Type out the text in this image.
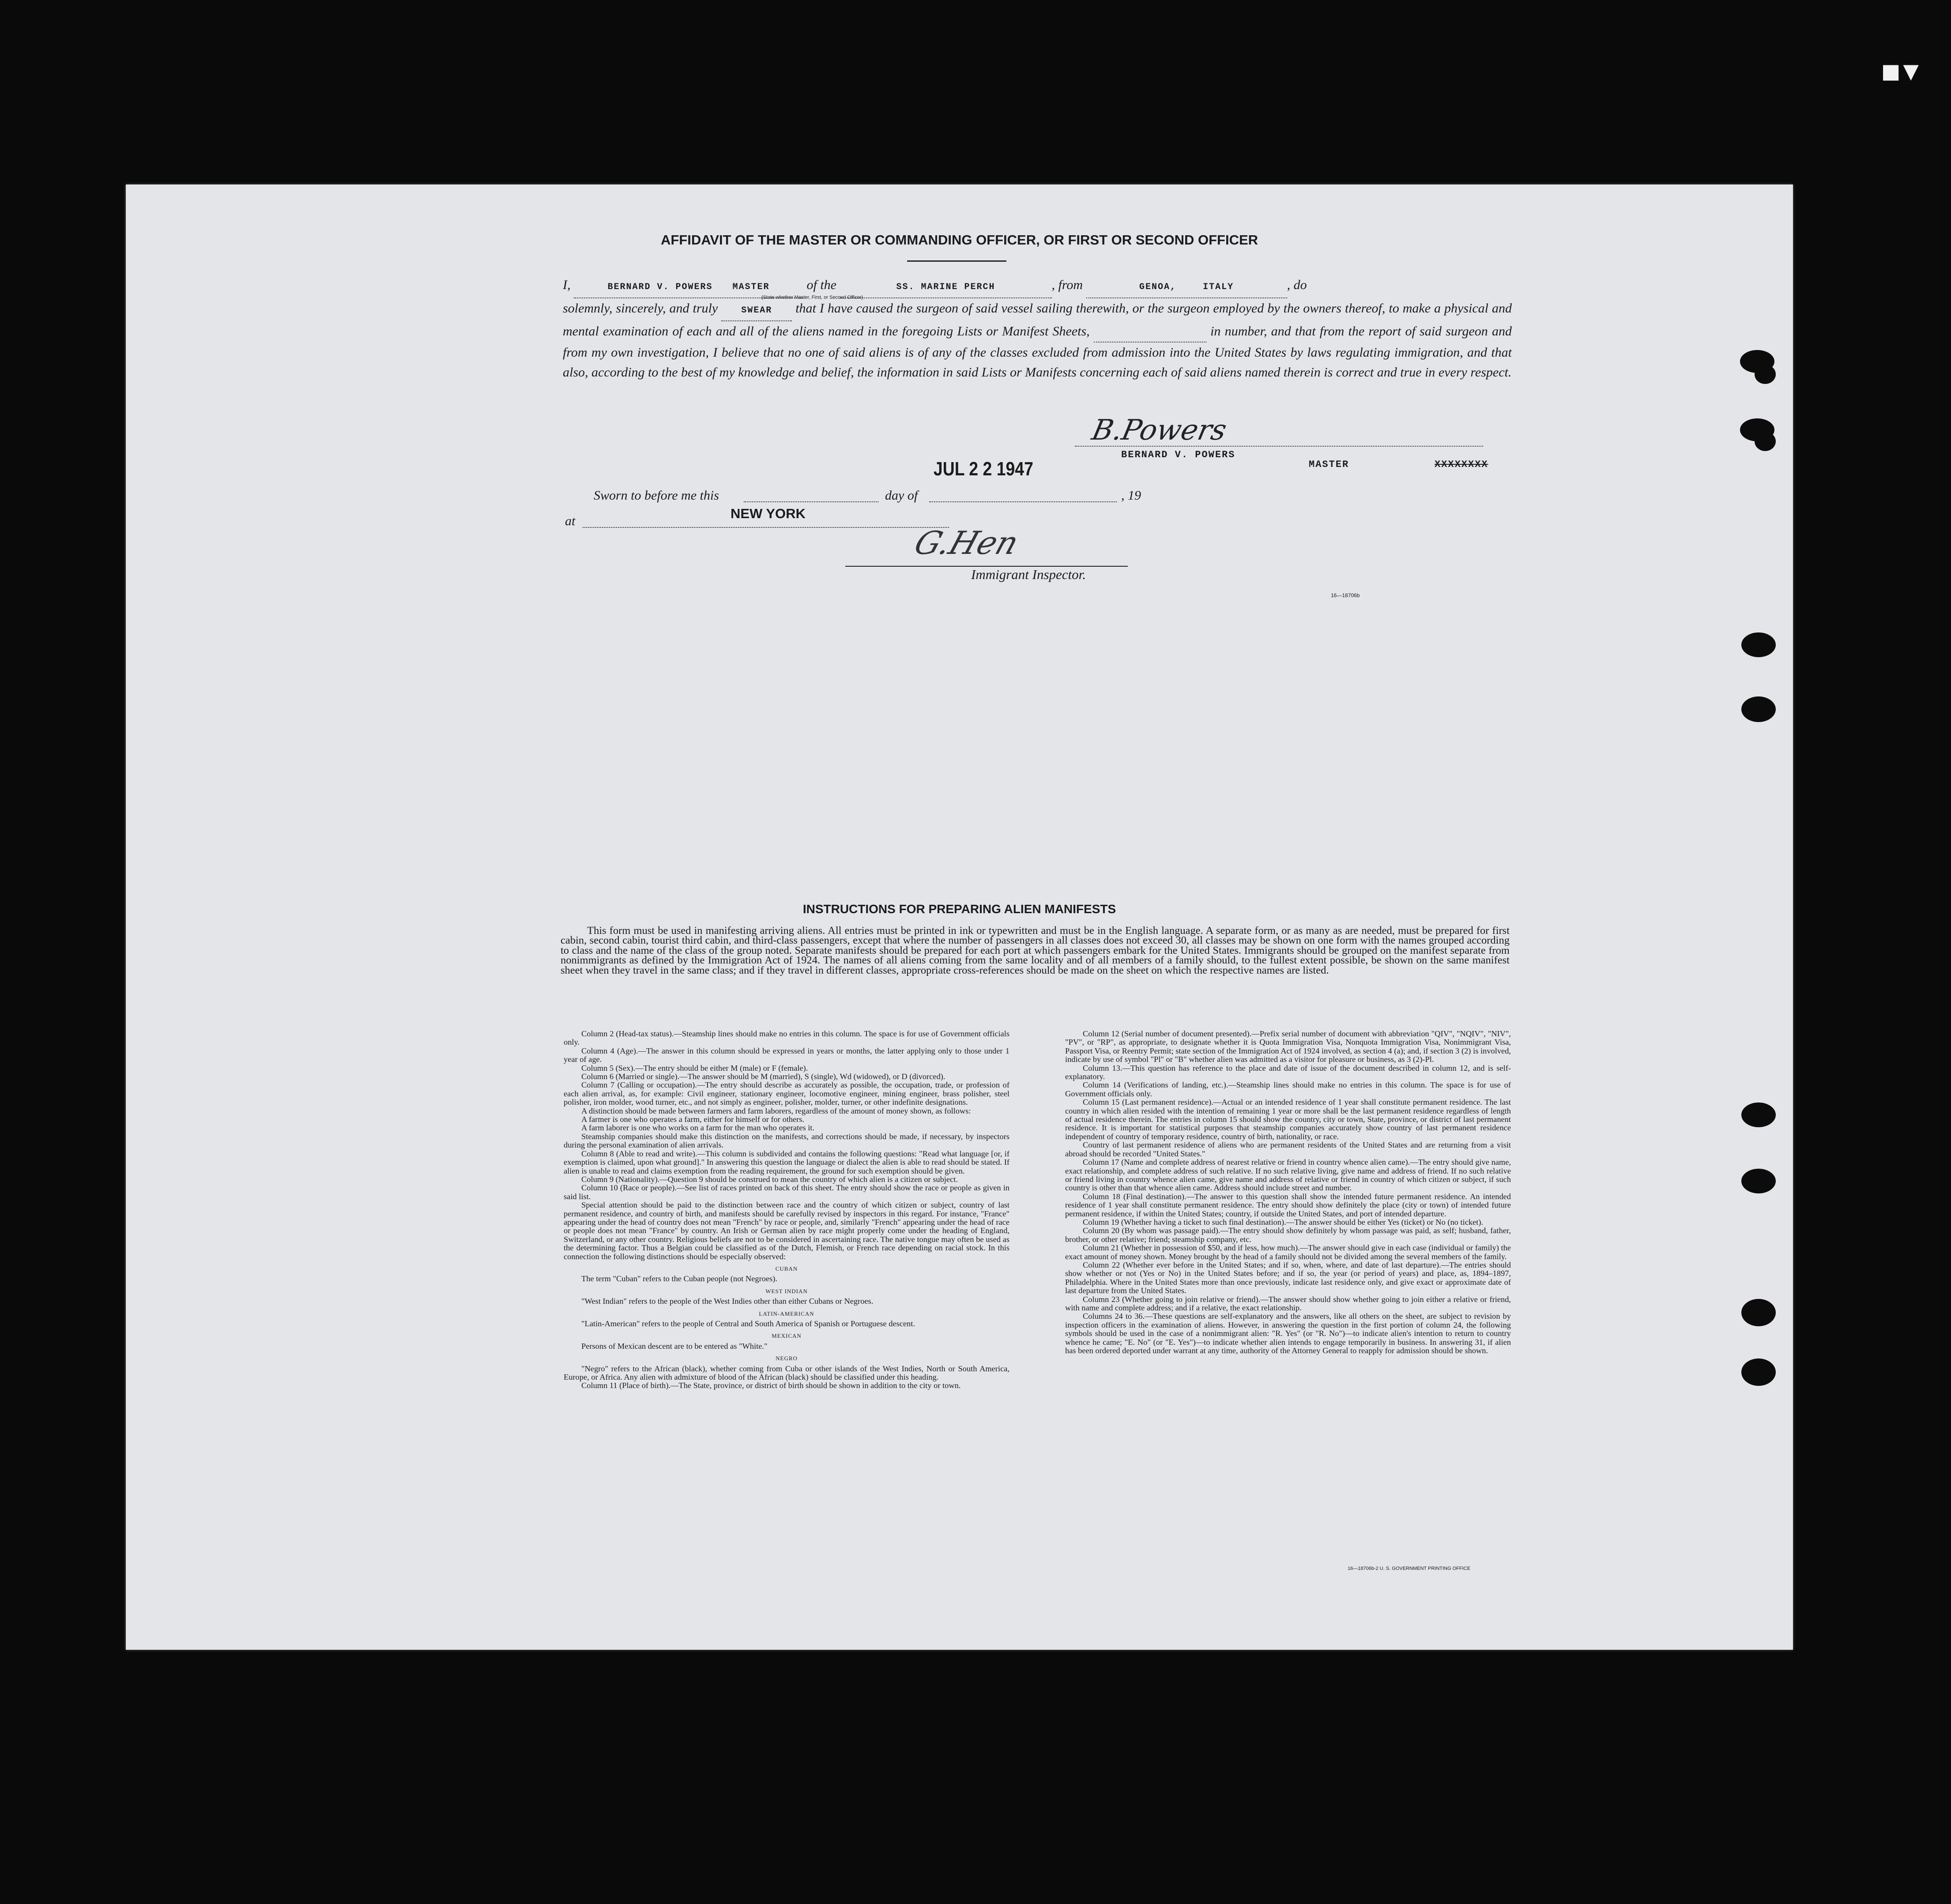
■▼
AFFIDAVIT OF THE MASTER OR COMMANDING OFFICER, OR FIRST OR SECOND OFFICER
I,	BERNARD V. POWERS MASTER	of the	SS. MARINE PERCH	, from	GENOA,	ITALY	, do
solemnly, sincerely, and truly	SWEAR that I have caused the surgeon of said vessel sailing therewith, or the surgeon employed by the owners thereof, to make a physical and mental examination of each and all of the aliens named in the foregoing Lists or Manifest Sheets,	in number, and that from the report of said surgeon and from my own investigation, I believe that no one of said aliens is of any of the classes excluded from admission into the United States by laws regulating immigration, and that also, according to the best of my knowledge and belief, the information in said Lists or Manifests concerning each of said aliens named therein is correct and true in every respect.
(State whether Master, First, or Second Officer)
B.Powers
BERNARD V. POWERS
MASTER	XXXXXXXX
JUL 2 2 1947
Sworn to before me this	day of	, 19
at	NEW YORK
G.Hen
Immigrant Inspector.
16—18706b
INSTRUCTIONS FOR PREPARING ALIEN MANIFESTS
This form must be used in manifesting arriving aliens. All entries must be printed in ink or typewritten and must be in the English language. A separate form, or as many as are needed, must be prepared for first cabin, second cabin, tourist third cabin, and third-class passengers, except that where the number of passengers in all classes does not exceed 30, all classes may be shown on one form with the names grouped according to class and the name of the class of the group noted. Separate manifests should be prepared for each port at which passengers embark for the United States. Immigrants should be grouped on the manifest separate from nonimmigrants as defined by the Immigration Act of 1924. The names of all aliens coming from the same locality and of all members of a family should, to the fullest extent possible, be shown on the same manifest sheet when they travel in the same class; and if they travel in different classes, appropriate cross-references should be made on the sheet on which the respective names are listed.

Column 2 (Head-tax status).—Steamship lines should make no entries in this column. The space is for use of Government officials only.

Column 4 (Age).—The answer in this column should be expressed in years or months, the latter applying only to those under 1 year of age.

Column 5 (Sex).—The entry should be either M (male) or F (female).

Column 6 (Married or single).—The answer should be M (married), S (single), Wd (widowed), or D (divorced).

Column 7 (Calling or occupation).—The entry should describe as accurately as possible, the occupation, trade, or profession of each alien arrival, as, for example: Civil engineer, stationary engineer, locomotive engineer, mining engineer, brass polisher, steel polisher, iron molder, wood turner, etc., and not simply as engineer, polisher, molder, turner, or other indefinite designations.

A distinction should be made between farmers and farm laborers, regardless of the amount of money shown, as follows:

A farmer is one who operates a farm, either for himself or for others.

A farm laborer is one who works on a farm for the man who operates it.

Steamship companies should make this distinction on the manifests, and corrections should be made, if necessary, by inspectors during the personal examination of alien arrivals.

Column 8 (Able to read and write).—This column is subdivided and contains the following questions: "Read what language [or, if exemption is claimed, upon what ground]." In answering this question the language or dialect the alien is able to read should be stated. If alien is unable to read and claims exemption from the reading requirement, the ground for such exemption should be given.

Column 9 (Nationality).—Question 9 should be construed to mean the country of which alien is a citizen or subject.

Column 10 (Race or people).—See list of races printed on back of this sheet. The entry should show the race or people as given in said list.

Special attention should be paid to the distinction between race and the country of which citizen or subject, country of last permanent residence, and country of birth, and manifests should be carefully revised by inspectors in this regard. For instance, "France" appearing under the head of country does not mean "French" by race or people, and, similarly "French" appearing under the head of race or people does not mean "France" by country. An Irish or German alien by race might properly come under the heading of England, Switzerland, or any other country. Religious beliefs are not to be considered in ascertaining race. The native tongue may often be used as the determining factor. Thus a Belgian could be classified as of the Dutch, Flemish, or French race depending on racial stock. In this connection the following distinctions should be especially observed:

CUBAN

The term "Cuban" refers to the Cuban people (not Negroes).

WEST INDIAN

"West Indian" refers to the people of the West Indies other than either Cubans or Negroes.

LATIN-AMERICAN

"Latin-American" refers to the people of Central and South America of Spanish or Portuguese descent.

MEXICAN

Persons of Mexican descent are to be entered as "White."

NEGRO

"Negro" refers to the African (black), whether coming from Cuba or other islands of the West Indies, North or South America, Europe, or Africa. Any alien with admixture of blood of the African (black) should be classified under this heading.

Column 11 (Place of birth).—The State, province, or district of birth should be shown in addition to the city or town.

Column 12 (Serial number of document presented).—Prefix serial number of document with abbreviation "QIV", "NQIV", "NIV", "PV", or "RP", as appropriate, to designate whether it is Quota Immigration Visa, Nonquota Immigration Visa, Nonimmigrant Visa, Passport Visa, or Reentry Permit; state section of the Immigration Act of 1924 involved, as section 4 (a); and, if section 3 (2) is involved, indicate by use of symbol "Pl" or "B" whether alien was admitted as a visitor for pleasure or business, as 3 (2)-Pl.

Column 13.—This question has reference to the place and date of issue of the document described in column 12, and is self-explanatory.

Column 14 (Verifications of landing, etc.).—Steamship lines should make no entries in this column. The space is for use of Government officials only.

Column 15 (Last permanent residence).—Actual or an intended residence of 1 year shall constitute permanent residence. The last country in which alien resided with the intention of remaining 1 year or more shall be the last permanent residence regardless of length of actual residence therein. The entries in column 15 should show the country, city or town, State, province, or district of last permanent residence. It is important for statistical purposes that steamship companies accurately show country of last permanent residence independent of country of temporary residence, country of birth, nationality, or race.

Country of last permanent residence of aliens who are permanent residents of the United States and are returning from a visit abroad should be recorded "United States."

Column 17 (Name and complete address of nearest relative or friend in country whence alien came).—The entry should give name, exact relationship, and complete address of such relative. If no such relative living, give name and address of friend. If no such relative or friend living in country whence alien came, give name and address of relative or friend in country of which citizen or subject, if such country is other than that whence alien came. Address should include street and number.

Column 18 (Final destination).—The answer to this question shall show the intended future permanent residence. An intended residence of 1 year shall constitute permanent residence. The entry should show definitely the place (city or town) of intended future permanent residence, if within the United States; country, if outside the United States, and port of intended departure.

Column 19 (Whether having a ticket to such final destination).—The answer should be either Yes (ticket) or No (no ticket).

Column 20 (By whom was passage paid).—The entry should show definitely by whom passage was paid, as self; husband, father, brother, or other relative; friend; steamship company, etc.

Column 21 (Whether in possession of $50, and if less, how much).—The answer should give in each case (individual or family) the exact amount of money shown. Money brought by the head of a family should not be divided among the several members of the family.

Column 22 (Whether ever before in the United States; and if so, when, where, and date of last departure).—The entries should show whether or not (Yes or No) in the United States before; and if so, the year (or period of years) and place, as, 1894–1897, Philadelphia. Where in the United States more than once previously, indicate last residence only, and give exact or approximate date of last departure from the United States.

Column 23 (Whether going to join relative or friend).—The answer should show whether going to join either a relative or friend, with name and complete address; and if a relative, the exact relationship.

Columns 24 to 36.—These questions are self-explanatory and the answers, like all others on the sheet, are subject to revision by inspection officers in the examination of aliens. However, in answering the question in the first portion of column 24, the following symbols should be used in the case of a nonimmigrant alien: "R. Yes" (or "R. No")—to indicate alien's intention to return to country whence he came; "E. No" (or "E. Yes")—to indicate whether alien intends to engage temporarily in business. In answering 31, if alien has been ordered deported under warrant at any time, authority of the Attorney General to reapply for admission should be shown.

16—18706b-2 U. S. GOVERNMENT PRINTING OFFICE
